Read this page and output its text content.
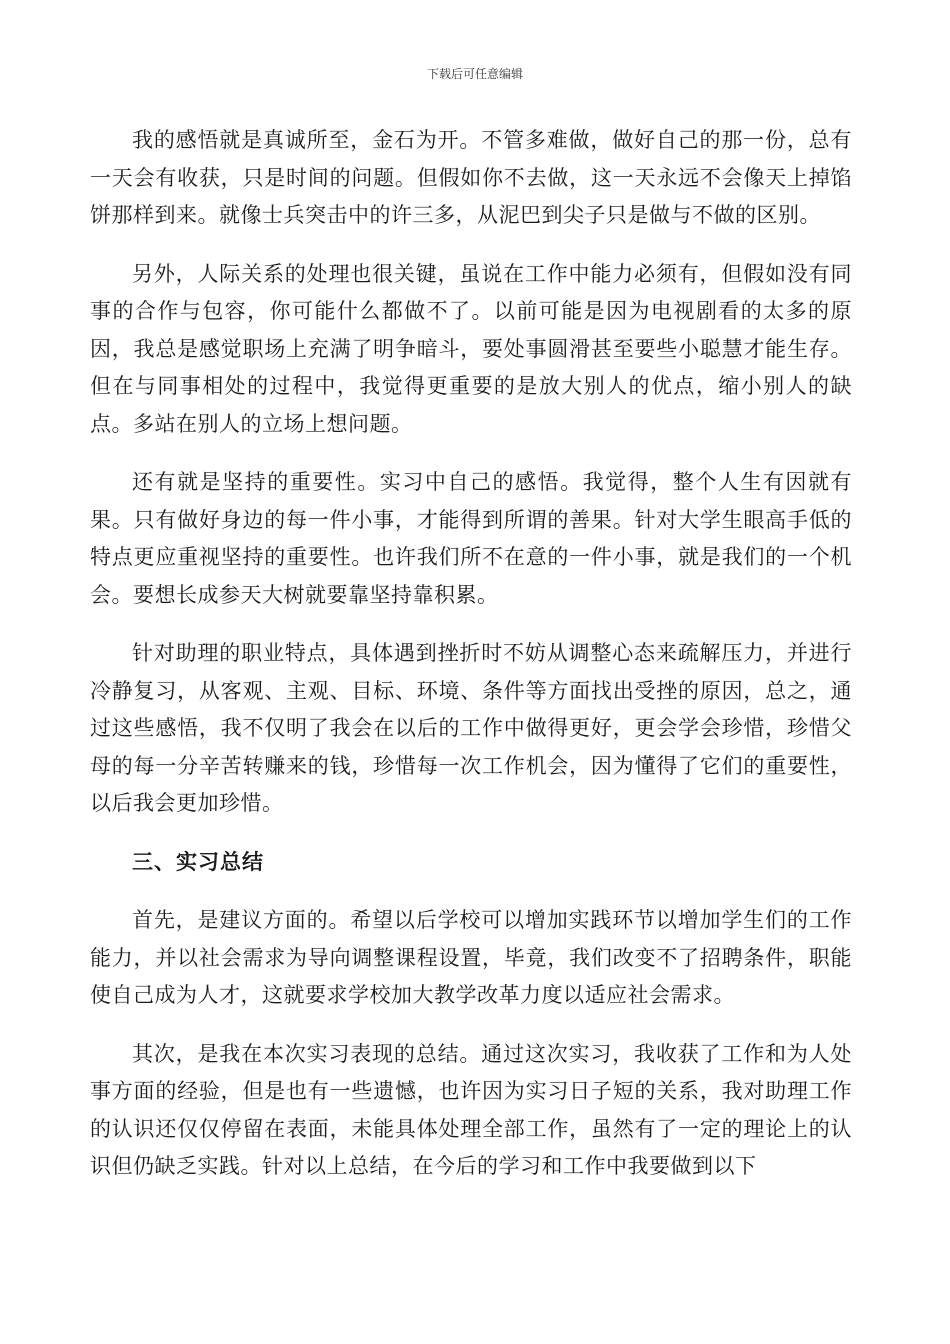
下载后可任意编辑

我的感悟就是真诚所至，金石为开。不管多难做，做好自己的那一份，总有一天会有收获，只是时间的问题。但假如你不去做，这一天永远不会像天上掉馅饼那样到来。就像士兵突击中的许三多，从泥巴到尖子只是做与不做的区别。

另外，人际关系的处理也很关键，虽说在工作中能力必须有，但假如没有同事的合作与包容，你可能什么都做不了。以前可能是因为电视剧看的太多的原因，我总是感觉职场上充满了明争暗斗，要处事圆滑甚至要些小聪慧才能生存。但在与同事相处的过程中，我觉得更重要的是放大别人的优点，缩小别人的缺点。多站在别人的立场上想问题。

还有就是坚持的重要性。实习中自己的感悟。我觉得，整个人生有因就有果。只有做好身边的每一件小事，才能得到所谓的善果。针对大学生眼高手低的特点更应重视坚持的重要性。也许我们所不在意的一件小事，就是我们的一个机会。要想长成参天大树就要靠坚持靠积累。

针对助理的职业特点，具体遇到挫折时不妨从调整心态来疏解压力，并进行冷静复习，从客观、主观、目标、环境、条件等方面找出受挫的原因，总之，通过这些感悟，我不仅明了我会在以后的工作中做得更好，更会学会珍惜，珍惜父母的每一分辛苦转赚来的钱，珍惜每一次工作机会，因为懂得了它们的重要性，以后我会更加珍惜。

三、实习总结

首先，是建议方面的。希望以后学校可以增加实践环节以增加学生们的工作能力，并以社会需求为导向调整课程设置，毕竟，我们改变不了招聘条件，职能使自己成为人才，这就要求学校加大教学改革力度以适应社会需求。

其次，是我在本次实习表现的总结。通过这次实习，我收获了工作和为人处事方面的经验，但是也有一些遗憾，也许因为实习日子短的关系，我对助理工作的认识还仅仅停留在表面，未能具体处理全部工作，虽然有了一定的理论上的认识但仍缺乏实践。针对以上总结，在今后的学习和工作中我要做到以下
